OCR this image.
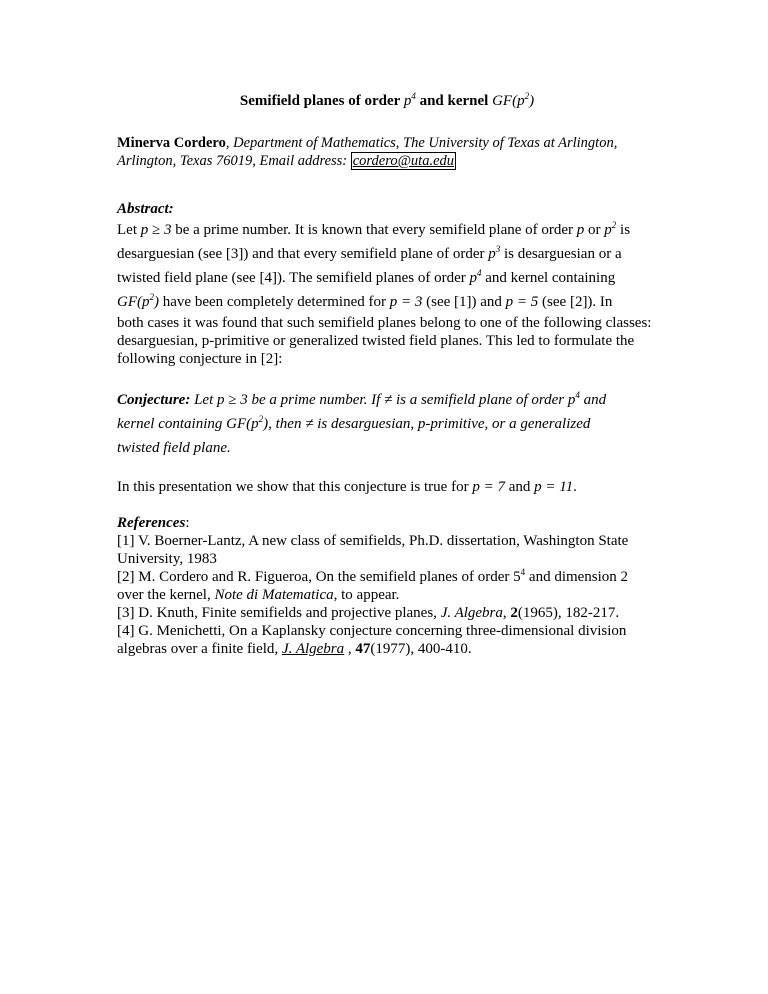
Semifield planes of order $p^4$ and kernel $GF(p^2)$

Minerva Cordero, Department of Mathematics, The University of Texas at Arlington, Arlington, Texas 76019, Email address: cordero@uta.edu

Abstract:

Let p ≥ 3 be a prime number. It is known that every semifield plane of order p or $p^2$ is
desarguesian (see [3]) and that every semifield plane of order $p^3$ is desarguesian or a
twisted field plane (see [4]). The semifield planes of order $p^4$ and kernel containing
$GF(p^2)$ have been completely determined for p = 3 (see [1]) and p = 5 (see [2]). In

both cases it was found that such semifield planes belong to one of the following classes: desarguesian, p-primitive or generalized twisted field planes. This led to formulate the following conjecture in [2]:

Conjecture: Let p ≥ 3 be a prime number. If ≠ is a semifield plane of order $p^4$ and
kernel containing $GF(p^2)$, then ≠ is desarguesian, p-primitive, or a generalized
twisted field plane.

In this presentation we show that this conjecture is true for p = 7 and p = 11.

References:

[1] V. Boerner-Lantz, A new class of semifields, Ph.D. dissertation, Washington State University, 1983

[2] M. Cordero and R. Figueroa, On the semifield planes of order $5^4$ and dimension 2 over the kernel, Note di Matematica, to appear.

[3] D. Knuth, Finite semifields and projective planes, J. Algebra, 2(1965), 182-217.

[4] G. Menichetti, On a Kaplansky conjecture concerning three-dimensional division algebras over a finite field, J. Algebra , 47(1977), 400-410.
